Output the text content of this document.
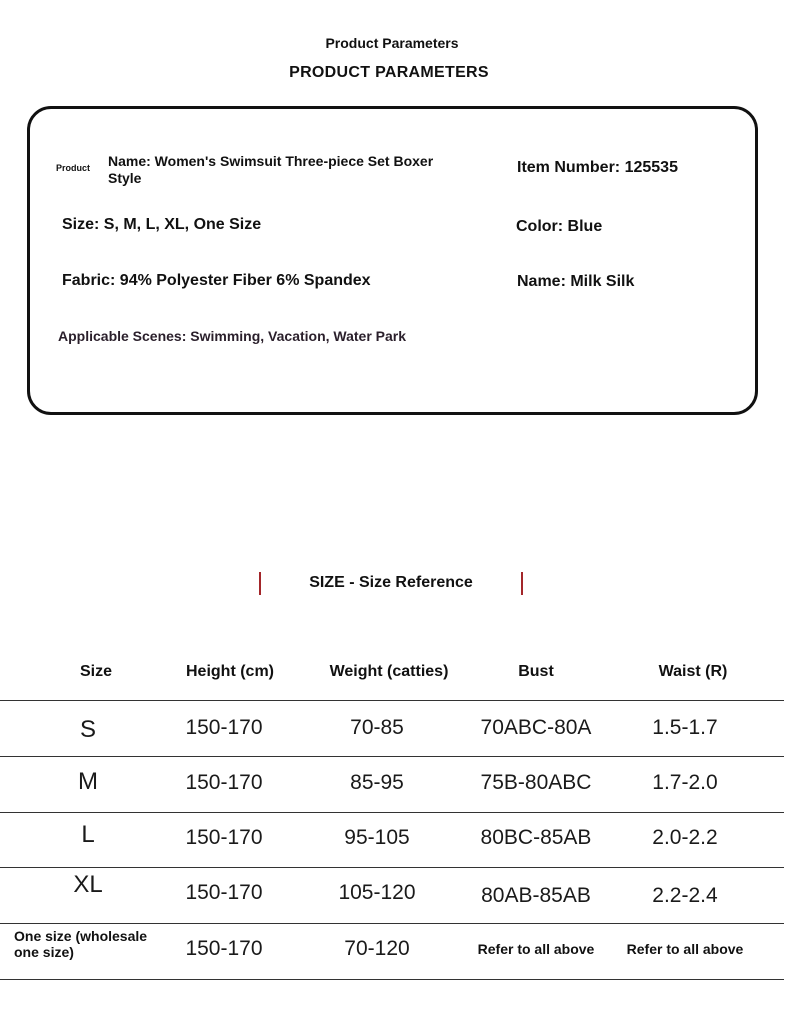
Product Parameters
PRODUCT PARAMETERS
Product Name: Women's Swimsuit Three-piece Set Boxer Style
Item Number: 125535
Size: S, M, L, XL, One Size	Color: Blue
Fabric: 94% Polyester Fiber 6% Spandex	Name: Milk Silk
Applicable Scenes: Swimming, Vacation, Water Park
SIZE - Size Reference
Size	Height (cm)	Weight (catties)	Bust	Waist (R)
S	150-170	70-85	70ABC-80A	1.5-1.7
M	150-170	85-95	75B-80ABC	1.7-2.0
L	150-170	95-105	80BC-85AB	2.0-2.2
XL	150-170	105-120	80AB-85AB	2.2-2.4
One size (wholesale one size)	150-170	70-120	Refer to all above	Refer to all above
